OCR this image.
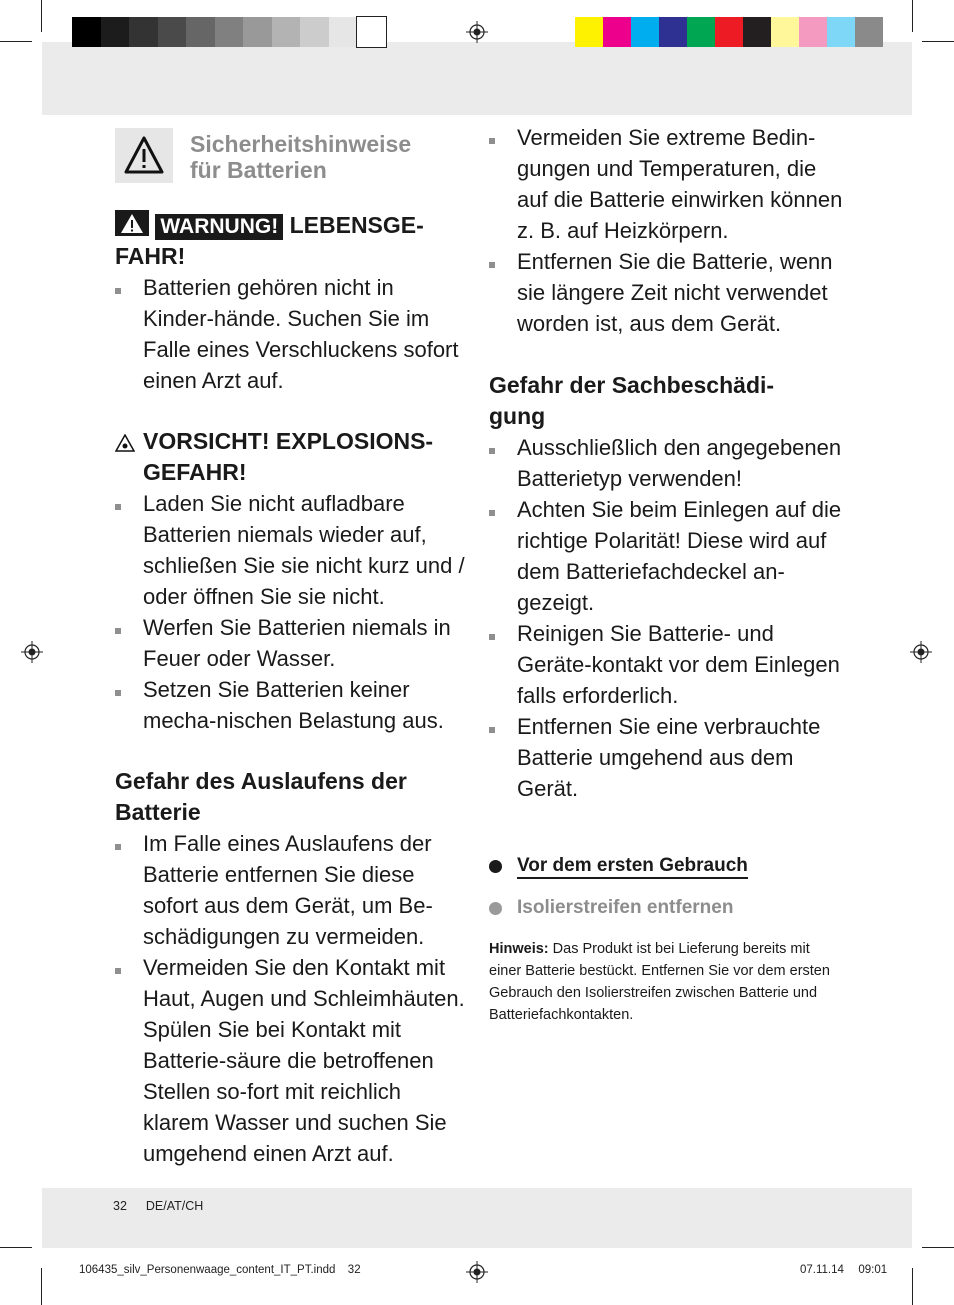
Sicherheitshinweise
für Batterien
WARNUNG! LEBENSGE-
FAHR!
Batterien gehören nicht in Kinder-hände. Suchen Sie im Falle eines Verschluckens sofort einen Arzt auf.
VORSICHT! EXPLOSIONS-
GEFAHR!
Laden Sie nicht aufladbare Batterien niemals wieder auf, schließen Sie sie nicht kurz und / oder öffnen Sie sie nicht.
Werfen Sie Batterien niemals in Feuer oder Wasser.
Setzen Sie Batterien keiner mecha-nischen Belastung aus.
Gefahr des Auslaufens der
Batterie
Im Falle eines Auslaufens der Batterie entfernen Sie diese sofort aus dem Gerät, um Be-schädigungen zu vermeiden.
Vermeiden Sie den Kontakt mit Haut, Augen und Schleimhäuten. Spülen Sie bei Kontakt mit Batterie-säure die betroffenen Stellen so-fort mit reichlich klarem Wasser und suchen Sie umgehend einen Arzt auf.
Vermeiden Sie extreme Bedin-gungen und Temperaturen, die auf die Batterie einwirken können z. B. auf Heizkörpern.
Entfernen Sie die Batterie, wenn sie längere Zeit nicht verwendet worden ist, aus dem Gerät.
Gefahr der Sachbeschädi-
gung
Ausschließlich den angegebenen Batterietyp verwenden!
Achten Sie beim Einlegen auf die richtige Polarität! Diese wird auf dem Batteriefachdeckel an-gezeigt.
Reinigen Sie Batterie- und Geräte-kontakt vor dem Einlegen falls erforderlich.
Entfernen Sie eine verbrauchte Batterie umgehend aus dem Gerät.
Vor dem ersten Gebrauch
Isolierstreifen entfernen
Hinweis: Das Produkt ist bei Lieferung bereits mit einer Batterie bestückt. Entfernen Sie vor dem ersten Gebrauch den Isolierstreifen zwischen Batterie und Batteriefachkontakten.
32 DE/AT/CH
106435_silv_Personenwaage_content_IT_PT.indd 32	07.11.14 09:01
